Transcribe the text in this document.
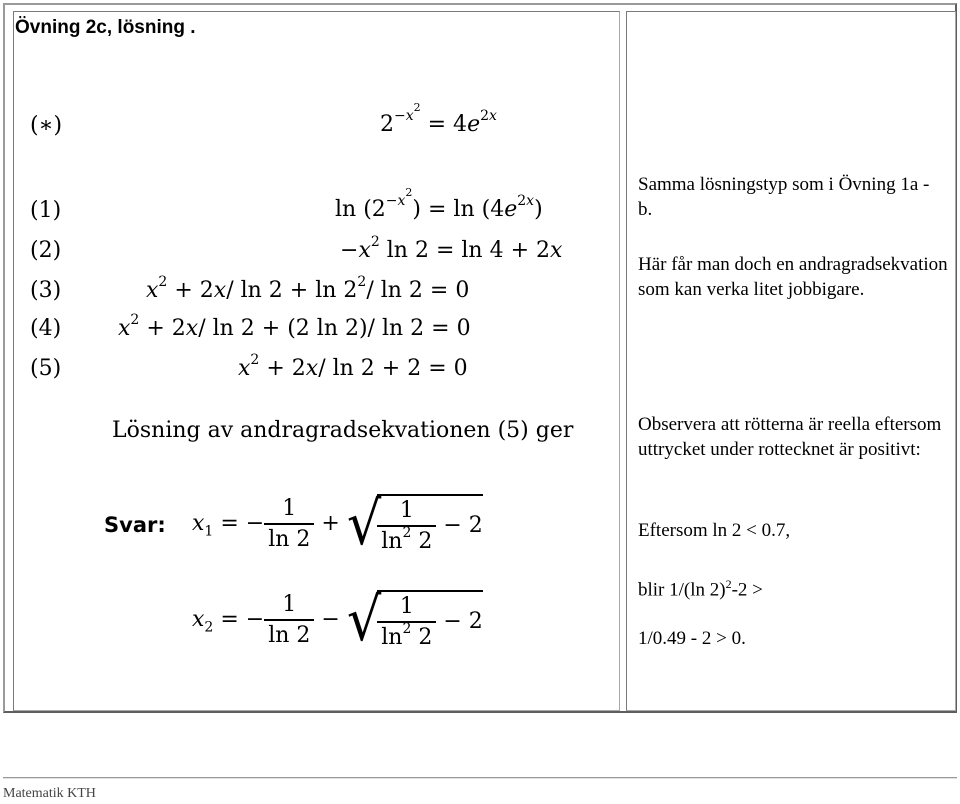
Övning 2c, lösning .
(∗)
(1)
(2)
(3)
(4)
(5)
$2^{-x^2} = 4e^{2x}$
$\ln (2^{-x^2}) = \ln (4e^{2x})$
$-x^2$ ln 2 = ln 4 + 2x
$x^2 + 2x/$ $\ln 2 + \ln 2^2/$ ln 2 = 0
$x^2 + 2x/$ ln 2 + (2 ln 2)/ ln 2 = 0
$x^2 + 2x/$ ln 2 + 2 = 0
Lösning av andragradsekvationen (5) ger
Svar: $x_1$ = − $\frac{1}{\ln 2}$ + √
$\frac{1}{\ln^2 2} - 2$
$x_2$ = − $\frac{1}{\ln 2}$ − √
$\frac{1}{\ln^2 2} - 2$

Samma lösningstyp som i Övning 1a - b.

Här får man doch en andragradsekvation som kan verka litet jobbigare.

Observera att rötterna är reella eftersom uttrycket under rottecknet är positivt:

Eftersom ln 2 < 0.7,

blir 1/(ln 2)$^2$-2 >

1/0.49 - 2 > 0.

Matematik KTH
